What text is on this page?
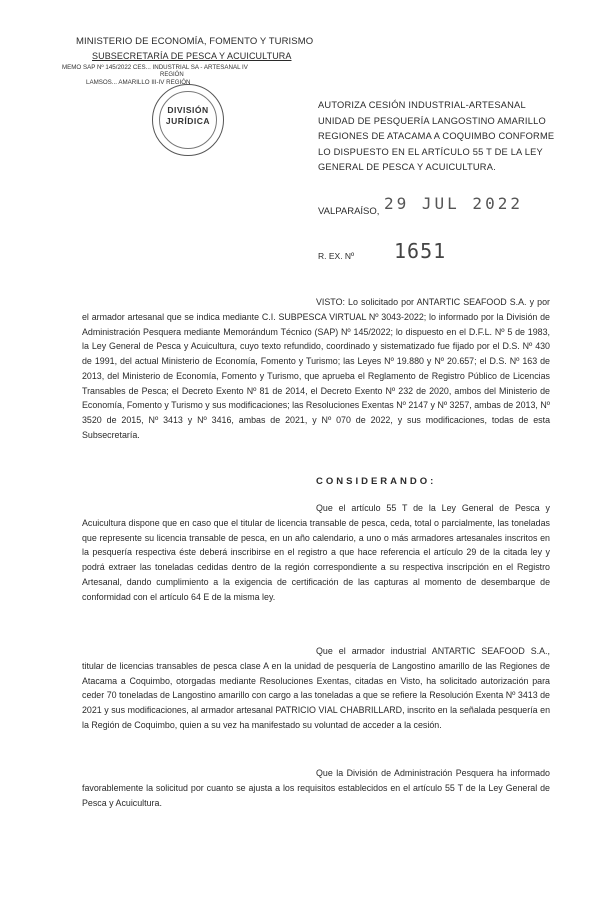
MINISTERIO DE ECONOMÍA, FOMENTO Y TURISMO
SUBSECRETARÍA DE PESCA Y ACUICULTURA
MEMO SAP Nº 145/2022 CES... INDUSTRIAL SA - ARTESANAL IV
REGIÓN
LAMSOS... AMARILLO III-IV REGIÓN
DIVISIÓN
JURÍDICA
AUTORIZA CESIÓN INDUSTRIAL-ARTESANAL UNIDAD DE PESQUERÍA LANGOSTINO AMARILLO REGIONES DE ATACAMA A COQUIMBO CONFORME LO DISPUESTO EN EL ARTÍCULO 55 T DE LA LEY GENERAL DE PESCA Y ACUICULTURA.
VALPARAÍSO, 29 JUL 2022
R. EX. Nº 1651
VISTO: Lo solicitado por ANTARTIC SEAFOOD S.A. y por el armador artesanal que se indica mediante C.I. SUBPESCA VIRTUAL Nº 3043-2022; lo informado por la División de Administración Pesquera mediante Memorándum Técnico (SAP) Nº 145/2022; lo dispuesto en el D.F.L. Nº 5 de 1983, la Ley General de Pesca y Acuicultura, cuyo texto refundido, coordinado y sistematizado fue fijado por el D.S. Nº 430 de 1991, del actual Ministerio de Economía, Fomento y Turismo; las Leyes Nº 19.880 y Nº 20.657; el D.S. Nº 163 de 2013, del Ministerio de Economía, Fomento y Turismo, que aprueba el Reglamento de Registro Público de Licencias Transables de Pesca; el Decreto Exento Nº 81 de 2014, el Decreto Exento Nº 232 de 2020, ambos del Ministerio de Economía, Fomento y Turismo y sus modificaciones; las Resoluciones Exentas Nº 2147 y Nº 3257, ambas de 2013, Nº 3520 de 2015, Nº 3413 y Nº 3416, ambas de 2021, y Nº 070 de 2022, y sus modificaciones, todas de esta Subsecretaría.
CONSIDERANDO:
Que el artículo 55 T de la Ley General de Pesca y Acuicultura dispone que en caso que el titular de licencia transable de pesca, ceda, total o parcialmente, las toneladas que represente su licencia transable de pesca, en un año calendario, a uno o más armadores artesanales inscritos en la pesquería respectiva éste deberá inscribirse en el registro a que hace referencia el artículo 29 de la citada ley y podrá extraer las toneladas cedidas dentro de la región correspondiente a su respectiva inscripción en el Registro Artesanal, dando cumplimiento a la exigencia de certificación de las capturas al momento de desembarque de conformidad con el artículo 64 E de la misma ley.
Que el armador industrial ANTARTIC SEAFOOD S.A., titular de licencias transables de pesca clase A en la unidad de pesquería de Langostino amarillo de las Regiones de Atacama a Coquimbo, otorgadas mediante Resoluciones Exentas, citadas en Visto, ha solicitado autorización para ceder 70 toneladas de Langostino amarillo con cargo a las toneladas a que se refiere la Resolución Exenta Nº 3413 de 2021 y sus modificaciones, al armador artesanal PATRICIO VIAL CHABRILLARD, inscrito en la señalada pesquería en la Región de Coquimbo, quien a su vez ha manifestado su voluntad de acceder a la cesión.
Que la División de Administración Pesquera ha informado favorablemente la solicitud por cuanto se ajusta a los requisitos establecidos en el artículo 55 T de la Ley General de Pesca y Acuicultura.
